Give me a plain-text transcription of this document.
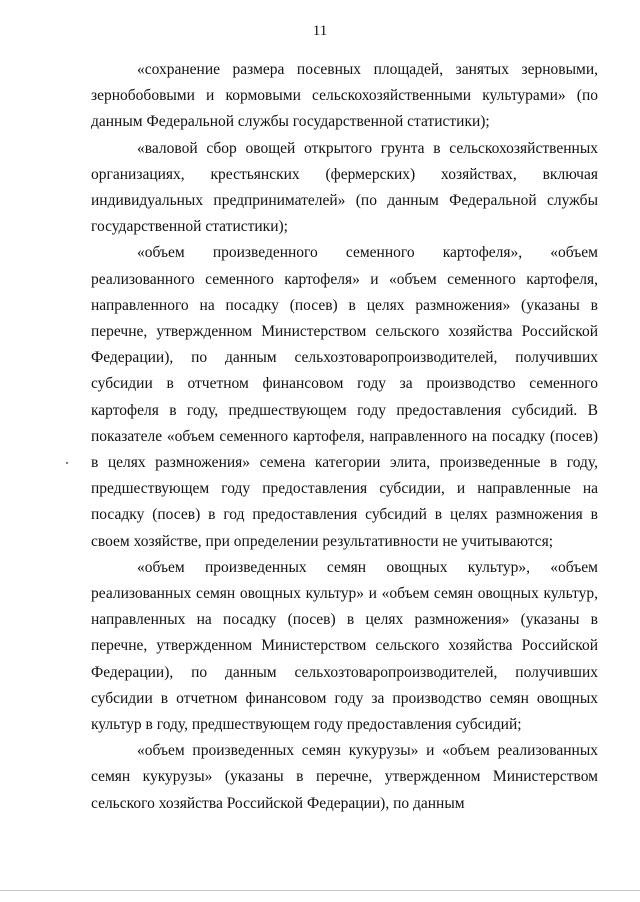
11

«сохранение размера посевных площадей, занятых зерновыми, зернобобовыми и кормовыми сельскохозяйственными культурами» (по данным Федеральной службы государственной статистики);

«валовой сбор овощей открытого грунта в сельскохозяйственных организациях, крестьянских (фермерских) хозяйствах, включая индивидуальных предпринимателей» (по данным Федеральной службы государственной статистики);

«объем произведенного семенного картофеля», «объем реализованного семенного картофеля» и «объем семенного картофеля, направленного на посадку (посев) в целях размножения» (указаны в перечне, утвержденном Министерством сельского хозяйства Российской Федерации), по данным сельхозтоваропроизводителей, получивших субсидии в отчетном финансовом году за производство семенного картофеля в году, предшествующем году предоставления субсидий. В показателе «объем семенного картофеля, направленного на посадку (посев) в целях размножения» семена категории элита, произведенные в году, предшествующем году предоставления субсидии, и направленные на посадку (посев) в год предоставления субсидий в целях размножения в своем хозяйстве, при определении результативности не учитываются;

«объем произведенных семян овощных культур», «объем реализованных семян овощных культур» и «объем семян овощных культур, направленных на посадку (посев) в целях размножения» (указаны в перечне, утвержденном Министерством сельского хозяйства Российской Федерации), по данным сельхозтоваропроизводителей, получивших субсидии в отчетном финансовом году за производство семян овощных культур в году, предшествующем году предоставления субсидий;

«объем произведенных семян кукурузы» и «объем реализованных семян кукурузы» (указаны в перечне, утвержденном Министерством сельского хозяйства Российской Федерации), по данным
